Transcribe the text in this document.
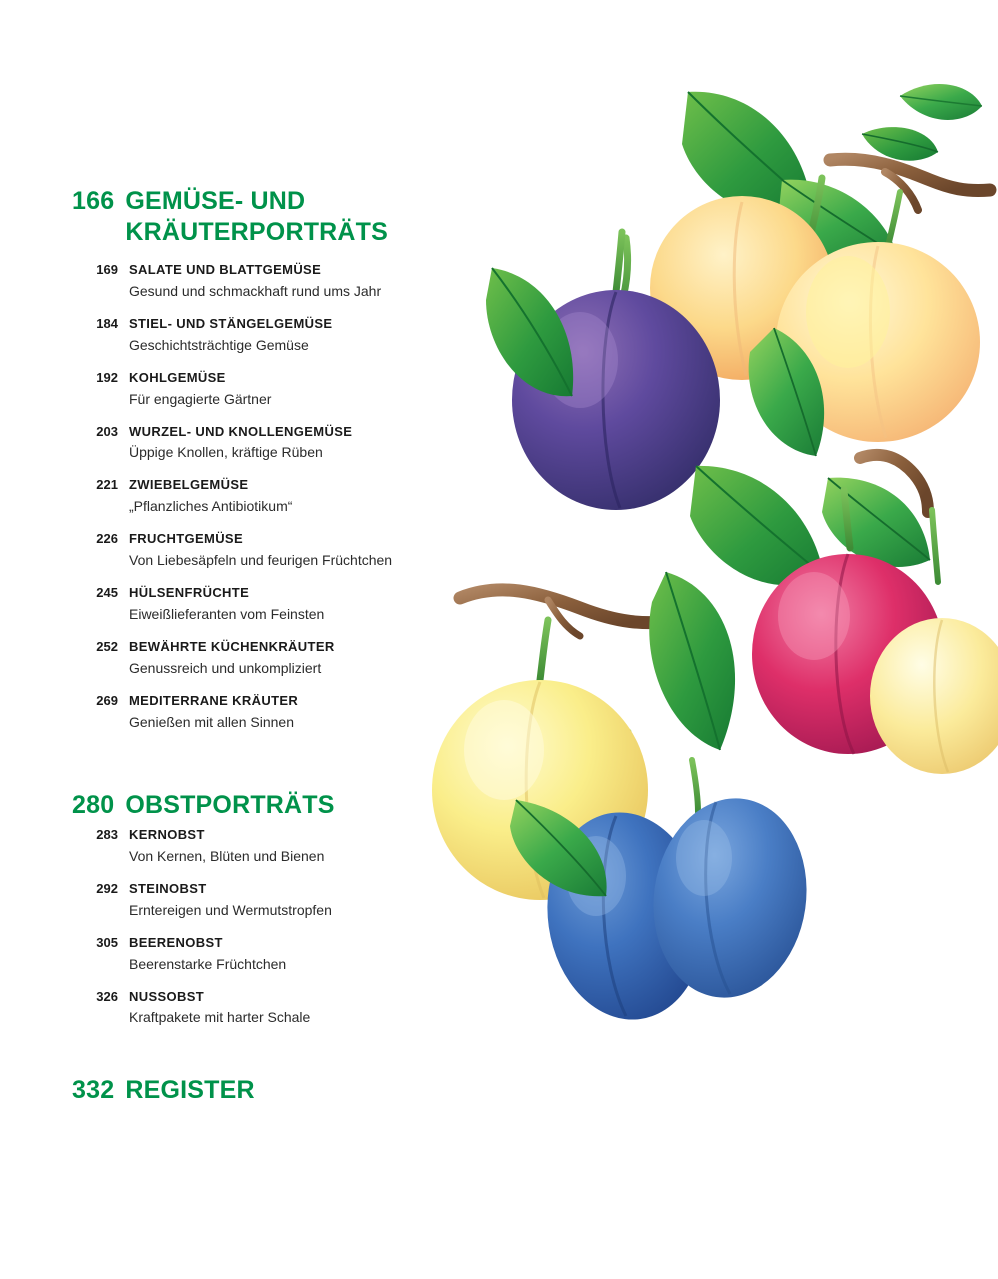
166 GEMÜSE- UND
KRÄUTERPORTRÄTS
169 SALATE UND BLATTGEMÜSE
Gesund und schmackhaft rund ums Jahr
184 STIEL- UND STÄNGELGEMÜSE
Geschichtsträchtige Gemüse
192 KOHLGEMÜSE
Für engagierte Gärtner
203 WURZEL- UND KNOLLENGEMÜSE
Üppige Knollen, kräftige Rüben
221 ZWIEBELGEMÜSE
„Pflanzliches Antibiotikum“
226 FRUCHTGEMÜSE
Von Liebesäpfeln und feurigen Früchtchen
245 HÜLSENFRÜCHTE
Eiweißlieferanten vom Feinsten
252 BEWÄHRTE KÜCHENKRÄUTER
Genussreich und unkompliziert
269 MEDITERRANE KRÄUTER
Genießen mit allen Sinnen
280 OBSTPORTRÄTS
283 KERNOBST
Von Kernen, Blüten und Bienen
292 STEINOBST
Erntereigen und Wermutstropfen
305 BEERENOBST
Beerenstarke Früchtchen
326 NUSSOBST
Kraftpakete mit harter Schale
332 REGISTER
